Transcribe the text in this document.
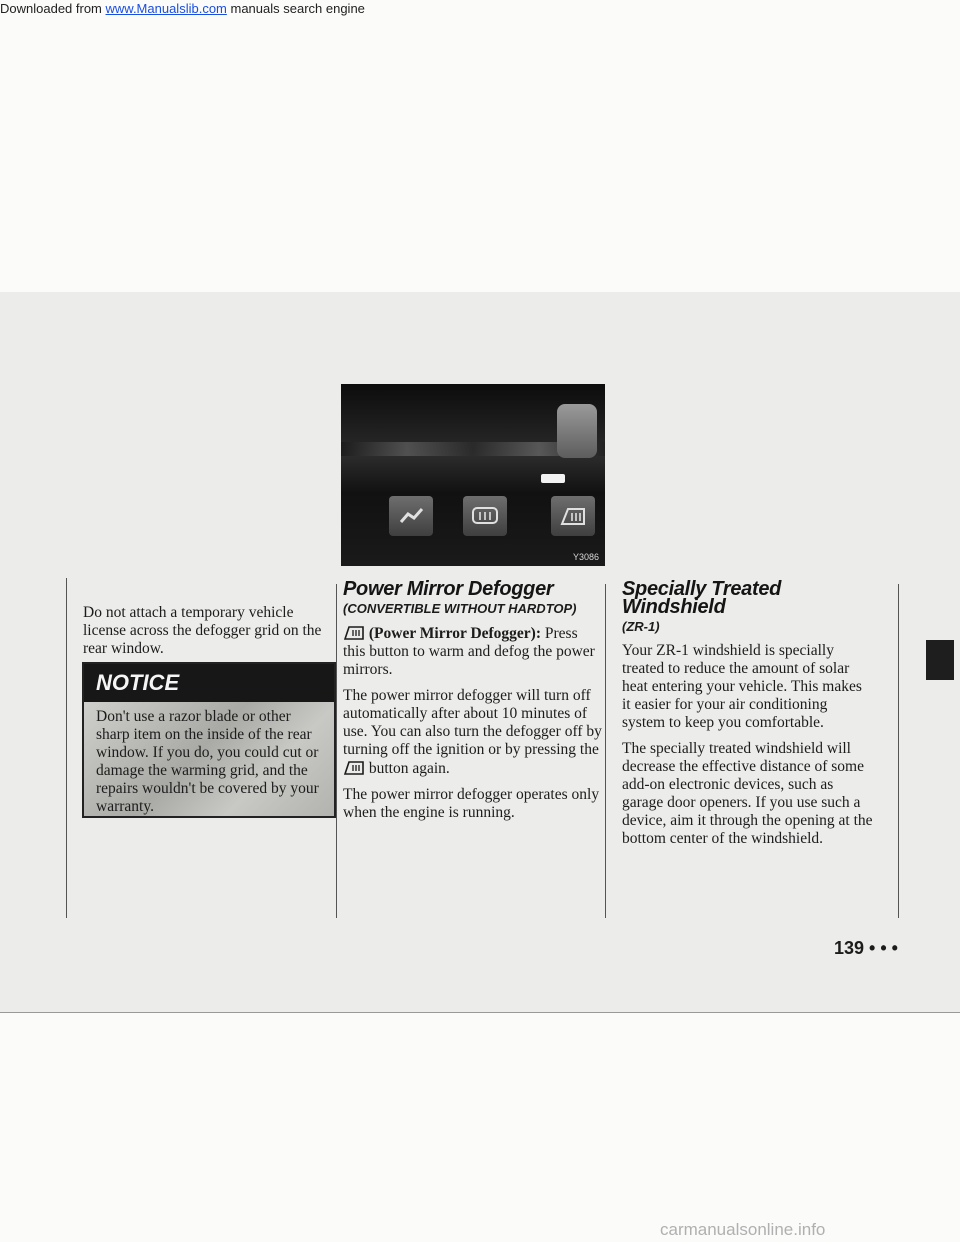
Downloaded from www.Manualslib.com manuals search engine
Y3086

Do not attach a temporary vehicle license across the defogger grid on the rear window.

NOTICE
Don't use a razor blade or other sharp item on the inside of the rear window. If you do, you could cut or damage the warming grid, and the repairs wouldn't be covered by your warranty.
Power Mirror Defogger
(CONVERTIBLE WITHOUT HARDTOP)

(Power Mirror Defogger): Press this button to warm and defog the power mirrors.

The power mirror defogger will turn off automatically after about 10 minutes of use. You can also turn the defogger off by turning off the ignition or by pressing the  button again.

The power mirror defogger operates only when the engine is running.

Specially Treated Windshield
(ZR-1)

Your ZR-1 windshield is specially treated to reduce the amount of solar heat entering your vehicle. This makes it easier for your air conditioning system to keep you comfortable.

The specially treated windshield will decrease the effective distance of some add-on electronic devices, such as garage door openers. If you use such a device, aim it through the opening at the bottom center of the windshield.

139 • • •
carmanualsonline.info
